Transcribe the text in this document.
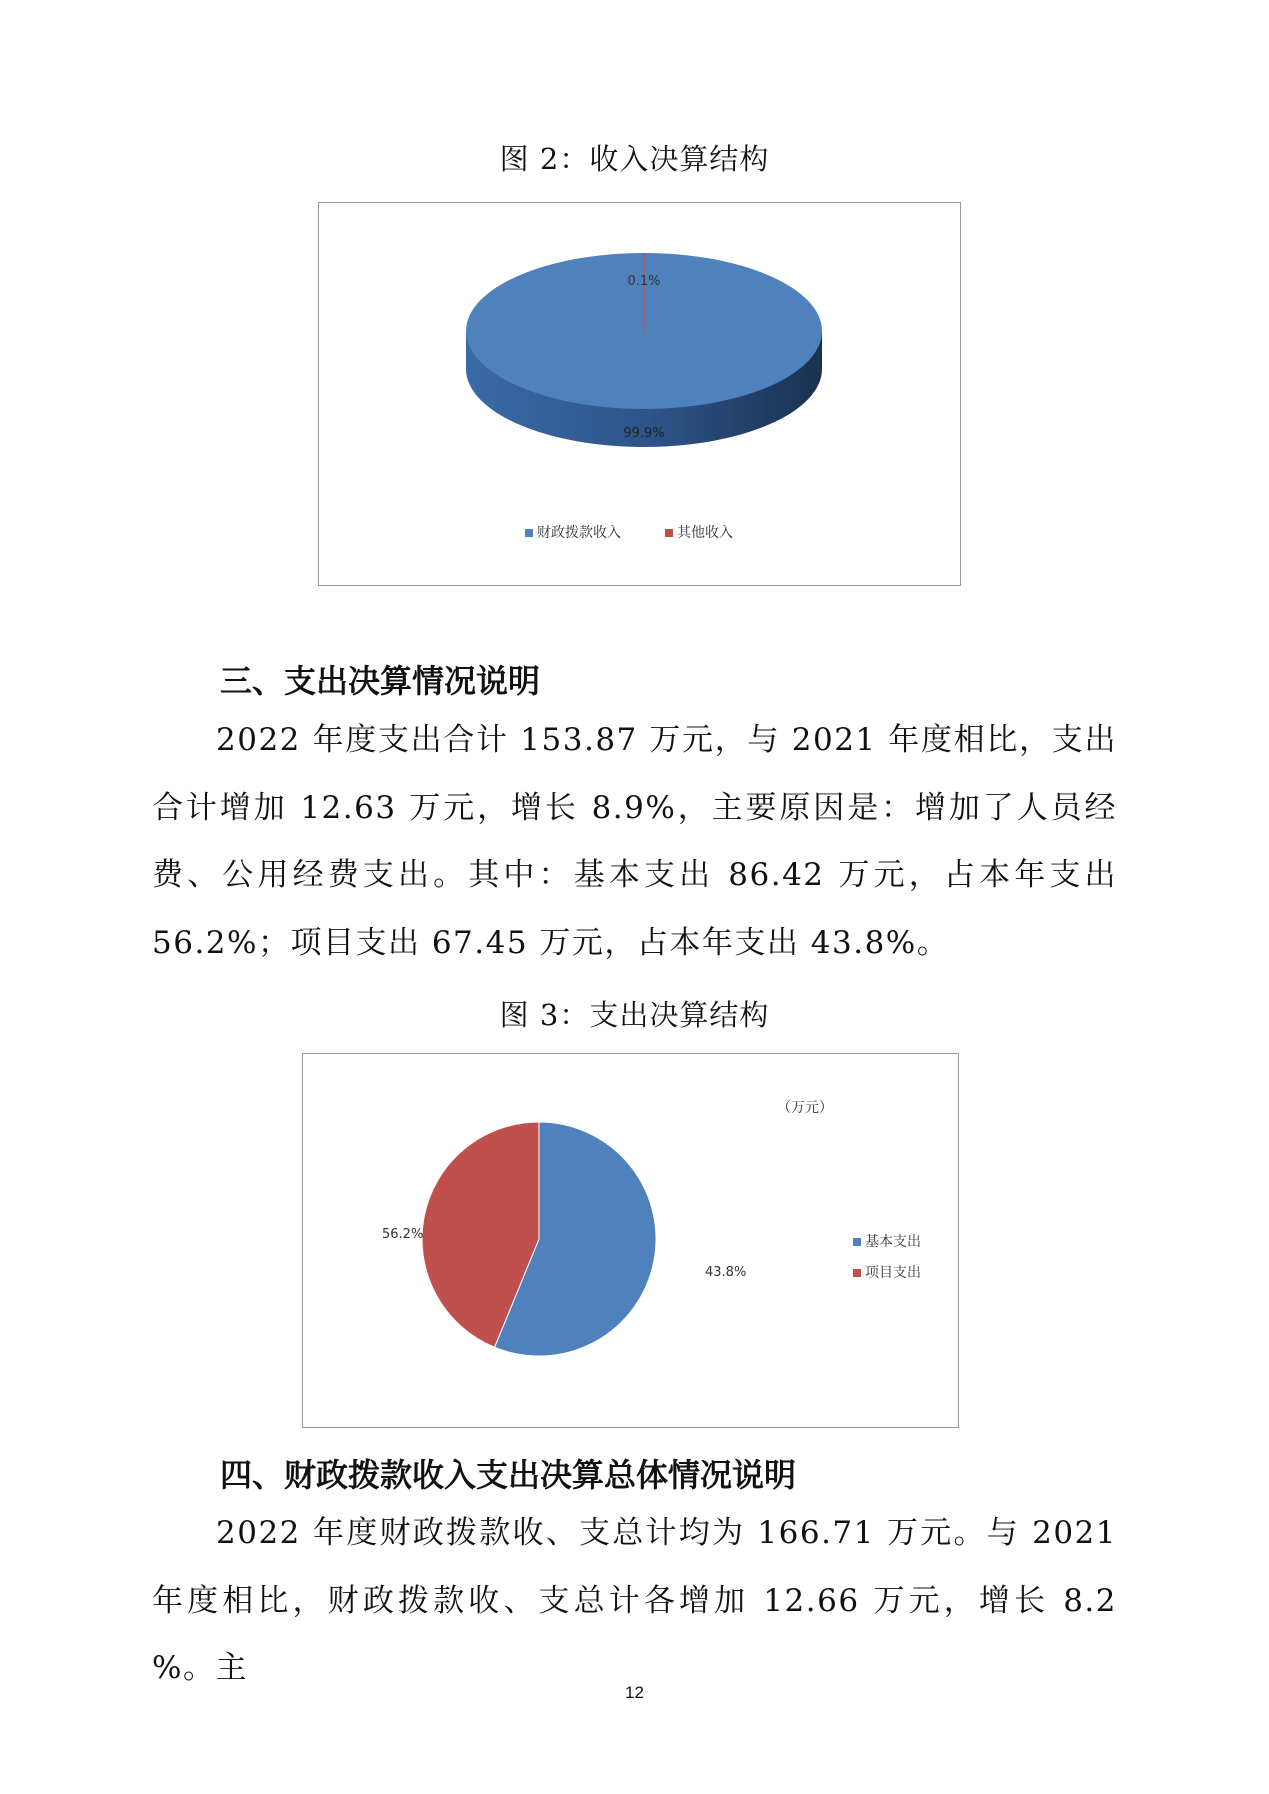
图 2：收入决算结构
0.1%
99.9%
财政拨款收入	其他收入
三、支出决算情况说明
2022 年度支出合计 153.87 万元，与 2021 年度相比，支出合计增加 12.63 万元，增长 8.9%，主要原因是：增加了人员经费、公用经费支出。其中：基本支出 86.42 万元，占本年支出 56.2%；项目支出 67.45 万元，占本年支出 43.8%。
图 3：支出决算结构
（万元）
43.8%
56.2%	基本支出
项目支出
四、财政拨款收入支出决算总体情况说明
2022 年度财政拨款收、支总计均为 166.71 万元。与 2021 年度相比，财政拨款收、支总计各增加 12.66 万元，增长 8.2 %。主
12
